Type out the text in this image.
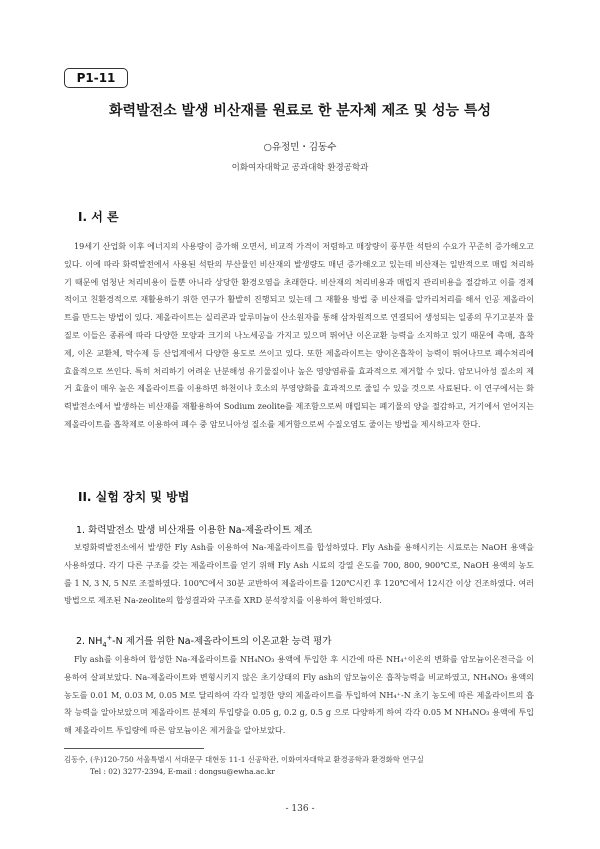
P1-11
화력발전소 발생 비산재를 원료로 한 분자체 제조 및 성능 특성
○유정민・김동수
이화여자대학교 공과대학 환경공학과
I. 서 론

19세기 산업화 이후 에너지의 사용량이 증가해 오면서, 비교적 가격이 저렴하고 매장량이 풍부한 석탄의 수요가 꾸준히 증가해오고 있다. 이에 따라 화력발전에서 사용된 석탄의 부산물인 비산재의 발생량도 매년 증가해오고 있는데 비산재는 일반적으로 매립 처리하기 때문에 엄청난 처리비용이 들뿐 아니라 상당한 환경오염을 초래한다. 비산재의 처리비용과 매립지 관리비용을 절감하고 이를 경제적이고 친환경적으로 재활용하기 위한 연구가 활발히 진행되고 있는데 그 재활용 방법 중 비산재를 알카리처리를 해서 인공 제올라이트를 만드는 방법이 있다. 제올라이트는 실리콘과 알루미늄이 산소원자를 통해 삼차원적으로 연결되어 생성되는 일종의 무기고분자 물질로 이들은 종류에 따라 다양한 모양과 크기의 나노세공을 가지고 있으며 뛰어난 이온교환 능력을 소지하고 있기 때문에 촉매, 흡착제, 이온 교환체, 탁수제 등 산업계에서 다양한 용도로 쓰이고 있다. 또한 제올라이트는 양이온흡착이 능력이 뛰어나므로 폐수처리에 효율적으로 쓰인다. 특히 처리하기 어려운 난분해성 유기물질이나 높은 영양염류를 효과적으로 제거할 수 있다. 암모니아성 질소의 제거 효율이 매우 높은 제올라이트를 이용하면 하천이나 호소의 부영양화를 효과적으로 줄일 수 있을 것으로 사료된다. 이 연구에서는 화력발전소에서 발생하는 비산재를 재활용하여 Sodium zeolite를 제조함으로써 매립되는 폐기물의 양을 절감하고, 거기에서 얻어지는 제올라이트를 흡착제로 이용하여 폐수 중 암모니아성 질소를 제거함으로써 수질오염도 줄이는 방법을 제시하고자 한다.

II. 실험 장치 및 방법
1. 화력발전소 발생 비산재를 이용한 Na-제올라이트 제조

보령화력발전소에서 발생한 Fly Ash를 이용하여 Na-제올라이트를 합성하였다. Fly Ash를 용해시키는 시료로는 NaOH 용액을 사용하였다. 각기 다른 구조를 갖는 제올라이트를 얻기 위해 Fly Ash 시료의 강열 온도를 700, 800, 900℃로, NaOH 용액의 농도를 1 N, 3 N, 5 N로 조절하였다. 100℃에서 30분 교반하여 제올라이트를 120℃시킨 후 120℃에서 12시간 이상 건조하였다. 여러 방법으로 제조된 Na-zeolite의 합성결과와 구조를 XRD 분석장치를 이용하여 확인하였다.

2. $NH_4^+-N$ 제거를 위한 Na-제올라이트의 이온교환 능력 평가

Fly ash를 이용하여 합성한 Na-제올라이트를 NH₄NO₃ 용액에 투입한 후 시간에 따른 NH₄⁺이온의 변화를 암모늄이온전극을 이용하여 살펴보았다. Na-제올라이트와 변형시키지 않은 초기상태의 Fly ash의 암모늄이온 흡착능력을 비교하였고, NH₄NO₃ 용액의 농도를 0.01 M, 0.03 M, 0.05 M로 달리하여 각각 일정한 양의 제올라이트를 투입하여 NH₄⁺-N 초기 농도에 따른 제올라이트의 흡착 능력을 알아보았으며 제올라이트 분체의 투입량을 0.05 g, 0.2 g, 0.5 g 으로 다양하게 하여 각각 0.05 M NH₄NO₃ 용액에 투입해 제올라이트 투입량에 따른 암모늄이온 제거율을 알아보았다.

김동수, (우)120-750 서울특별시 서대문구 대현동 11-1 신공학관, 이화여자대학교 환경공학과 환경화학 연구실
Tel : 02) 3277-2394, E-mail : dongsu@ewha.ac.kr
- 136 -
